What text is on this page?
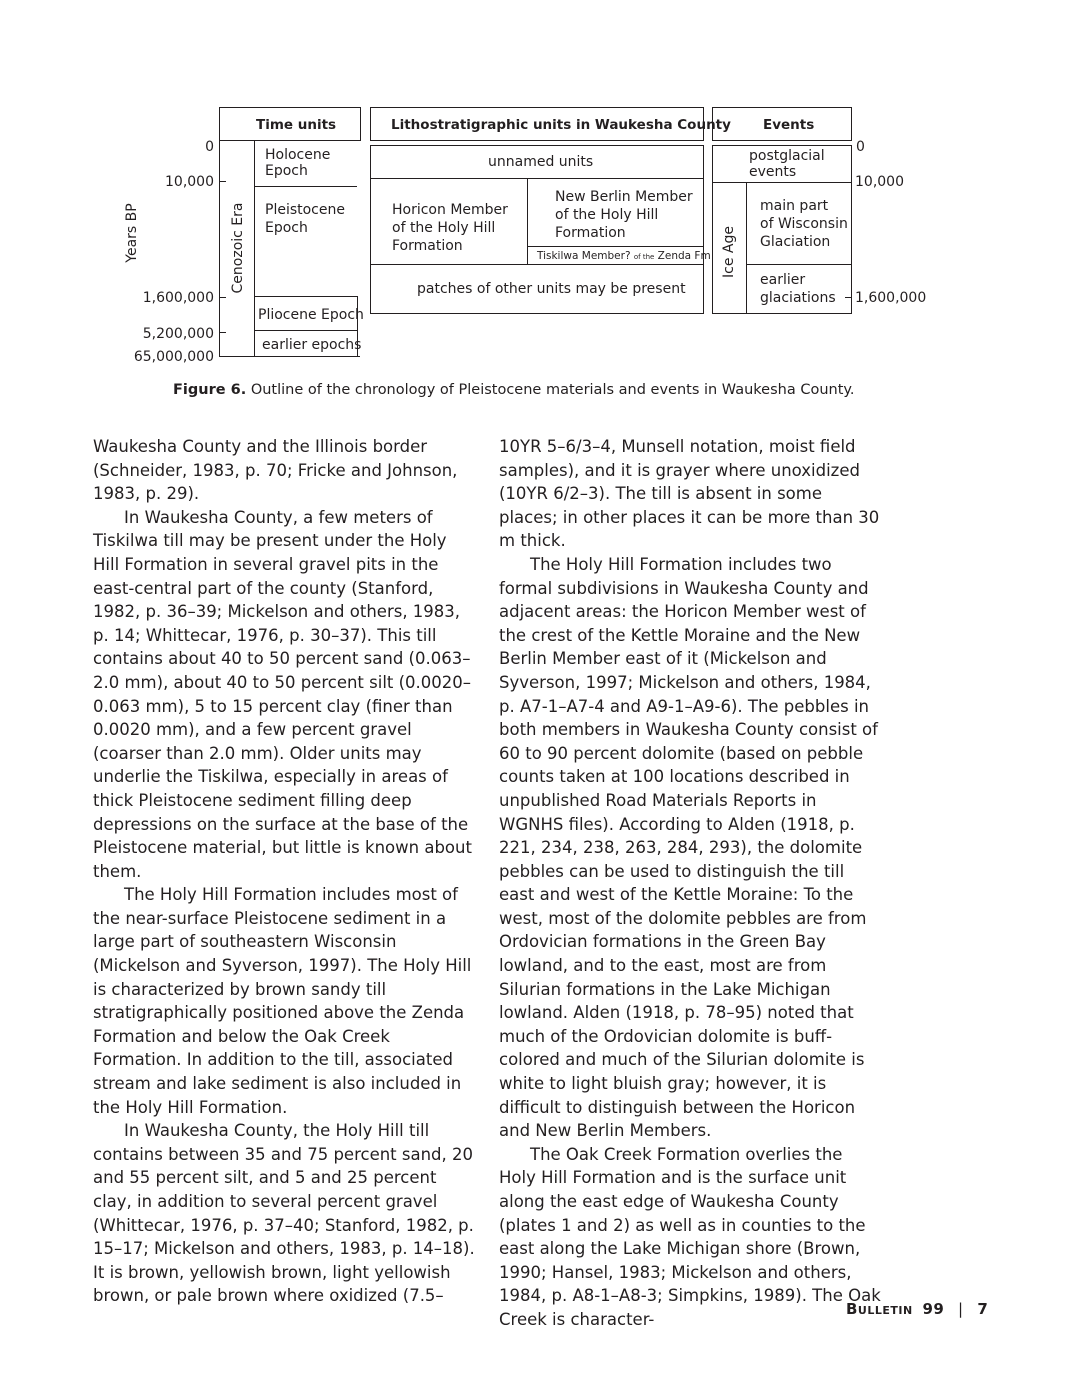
Years BP
0
10,000
1,600,000
5,200,000
65,000,000
Time units
Cenozoic Era
Holocene
Epoch
Pleistocene
Epoch
Pliocene Epoch
earlier epochs
Lithostratigraphic units in Waukesha County
unnamed units
Horicon Member
of the Holy Hill
Formation
New Berlin Member
of the Holy Hill
Formation
Tiskilwa Member? of the Zenda Fm
patches of other units may be present
Events
Ice Age
postglacial
events
main part
of Wisconsin
Glaciation
earlier
glaciations
0
10,000
1,600,000
Figure 6. Outline of the chronology of Pleistocene materials and events in Waukesha County.

Waukesha County and the Illinois border (Schneider, 1983, p. 70; Fricke and Johnson, 1983, p. 29).

In Waukesha County, a few meters of Tiskilwa till may be present under the Holy Hill Formation in several gravel pits in the east-central part of the county (Stanford, 1982, p. 36–39; Mickelson and others, 1983, p. 14; Whittecar, 1976, p. 30–37). This till contains about 40 to 50 percent sand (0.063–2.0 mm), about 40 to 50 percent silt (0.0020–0.063 mm), 5 to 15 percent clay (finer than 0.0020 mm), and a few percent gravel (coarser than 2.0 mm). Older units may underlie the Tiskilwa, especially in areas of thick Pleistocene sediment filling deep depressions on the surface at the base of the Pleistocene material, but little is known about them.

The Holy Hill Formation includes most of the near-surface Pleistocene sediment in a large part of southeastern Wisconsin (Mickelson and Syverson, 1997). The Holy Hill is characterized by brown sandy till stratigraphically positioned above the Zenda Formation and below the Oak Creek Formation. In addition to the till, associated stream and lake sediment is also included in the Holy Hill Formation.

In Waukesha County, the Holy Hill till contains between 35 and 75 percent sand, 20 and 55 percent silt, and 5 and 25 percent clay, in addition to several percent gravel (Whittecar, 1976, p. 37–40; Stanford, 1982, p. 15–17; Mickelson and others, 1983, p. 14–18). It is brown, yellowish brown, light yellowish brown, or pale brown where oxidized (7.5–

10YR 5–6/3–4, Munsell notation, moist field samples), and it is grayer where unoxidized (10YR 6/2–3). The till is absent in some places; in other places it can be more than 30 m thick.

The Holy Hill Formation includes two formal subdivisions in Waukesha County and adjacent areas: the Horicon Member west of the crest of the Kettle Moraine and the New Berlin Member east of it (Mickelson and Syverson, 1997; Mickelson and others, 1984, p. A7-1–A7-4 and A9-1–A9-6). The pebbles in both members in Waukesha County consist of 60 to 90 percent dolomite (based on pebble counts taken at 100 locations described in unpublished Road Materials Reports in WGNHS files). According to Alden (1918, p. 221, 234, 238, 263, 284, 293), the dolomite pebbles can be used to distinguish the till east and west of the Kettle Moraine: To the west, most of the dolomite pebbles are from Ordovician formations in the Green Bay lowland, and to the east, most are from Silurian formations in the Lake Michigan lowland. Alden (1918, p. 78–95) noted that much of the Ordovician dolomite is buff-colored and much of the Silurian dolomite is white to light bluish gray; however, it is difficult to distinguish between the Horicon and New Berlin Members.

The Oak Creek Formation overlies the Holy Hill Formation and is the surface unit along the east edge of Waukesha County (plates 1 and 2) as well as in counties to the east along the Lake Michigan shore (Brown, 1990; Hansel, 1983; Mickelson and others, 1984, p. A8-1–A8-3; Simpkins, 1989). The Oak Creek is character-

Bulletin 99 | 7
